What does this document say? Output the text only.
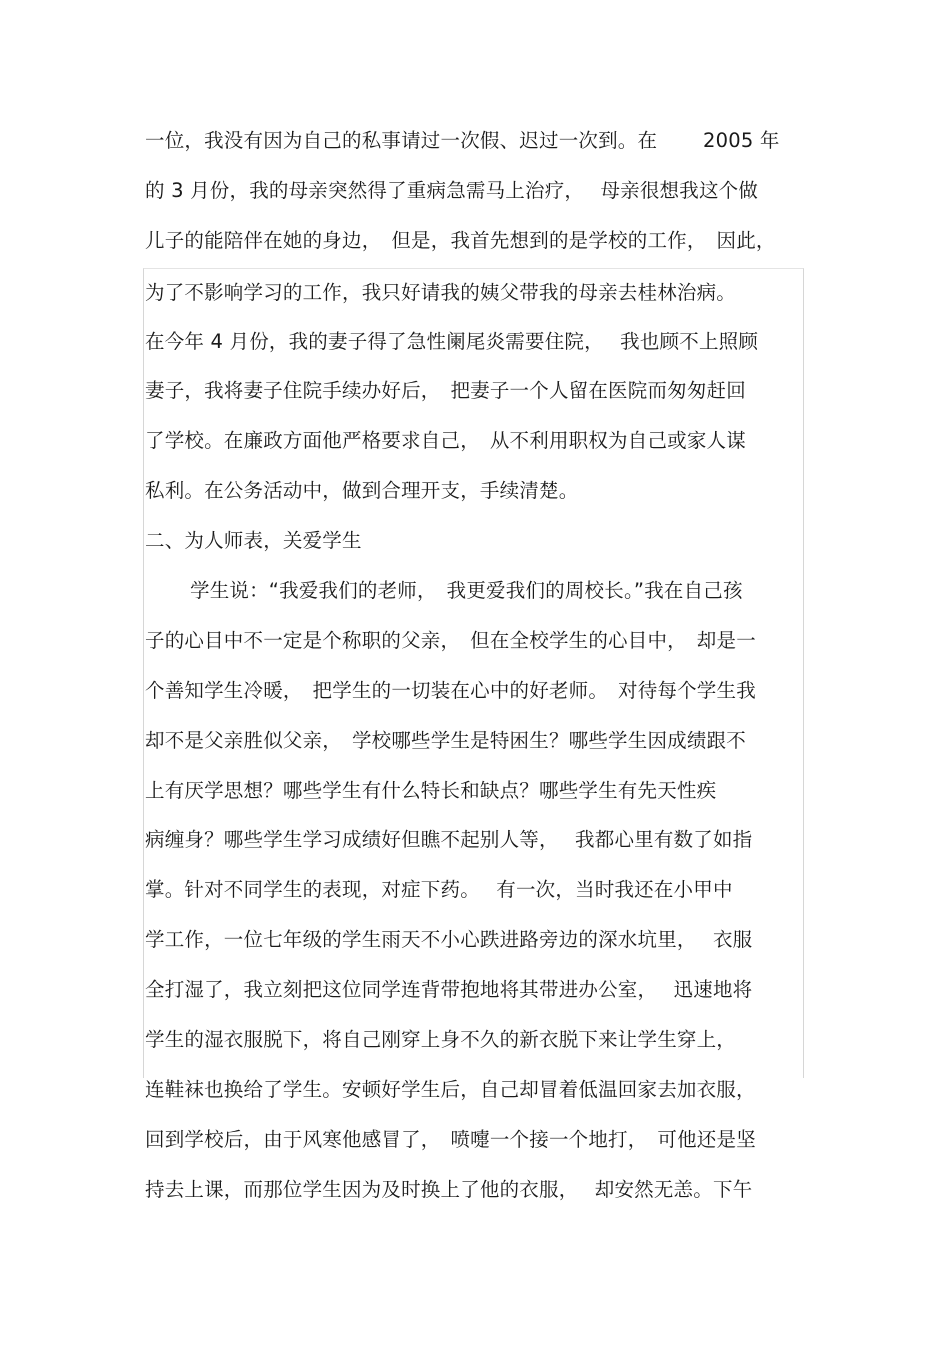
一位，我没有因为自己的私事请过一次假、迟过一次到。在　　 2005 年
的 3 月份，我的母亲突然得了重病急需马上治疗，　 母亲很想我这个做
儿子的能陪伴在她的身边，　但是，我首先想到的是学校的工作，　因此，
为了不影响学习的工作，我只好请我的姨父带我的母亲去桂林治病。
在今年 4 月份，我的妻子得了急性阑尾炎需要住院，　 我也顾不上照顾
妻子，我将妻子住院手续办好后，　把妻子一个人留在医院而匆匆赶回
了学校。在廉政方面他严格要求自己，　从不利用职权为自己或家人谋
私利。在公务活动中，做到合理开支，手续清楚。
二、为人师表，关爱学生
学生说：“我爱我们的老师，　我更爱我们的周校长。”我在自己孩
子的心目中不一定是个称职的父亲，　但在全校学生的心目中，　却是一
个善知学生冷暖，　把学生的一切装在心中的好老师。　对待每个学生我
却不是父亲胜似父亲，　学校哪些学生是特困生？哪些学生因成绩跟不
上有厌学思想？哪些学生有什么特长和缺点？哪些学生有先天性疾
病缠身？哪些学生学习成绩好但瞧不起别人等，　 我都心里有数了如指
掌。针对不同学生的表现，对症下药。　 有一次，当时我还在小甲中
学工作，一位七年级的学生雨天不小心跌进路旁边的深水坑里，　 衣服
全打湿了，我立刻把这位同学连背带抱地将其带进办公室，　 迅速地将
学生的湿衣服脱下，将自己刚穿上身不久的新衣脱下来让学生穿上，
连鞋袜也换给了学生。安顿好学生后，自己却冒着低温回家去加衣服，
回到学校后，由于风寒他感冒了，　喷嚏一个接一个地打，　可他还是坚
持去上课，而那位学生因为及时换上了他的衣服，　 却安然无恙。下午
